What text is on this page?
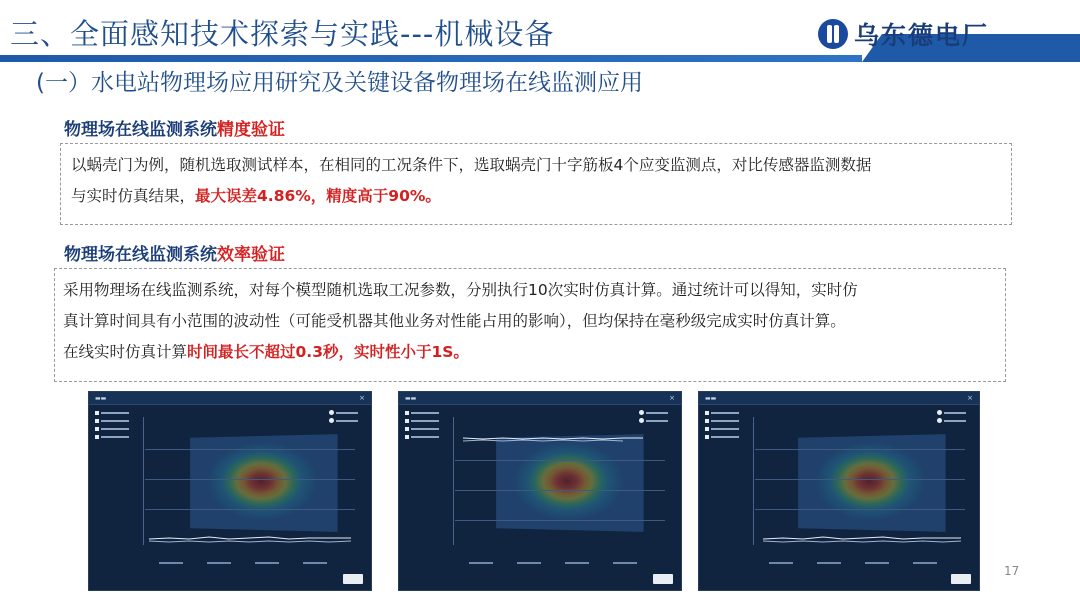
三、全面感知技术探索与实践---机械设备	乌东德电厂
(一）水电站物理场应用研究及关键设备物理场在线监测应用
物理场在线监测系统精度验证
以蜗壳门为例，随机选取测试样本，在相同的工况条件下，选取蜗壳门十字筋板4个应变监测点，对比传感器监测数据
与实时仿真结果，最大误差4.86%，精度高于90%。
物理场在线监测系统效率验证
采用物理场在线监测系统，对每个模型随机选取工况参数，分别执行10次实时仿真计算。通过统计可以得知，实时仿
真计算时间具有小范围的波动性（可能受机器其他业务对性能占用的影响），但均保持在毫秒级完成实时仿真计算。
在线实时仿真计算时间最长不超过0.3秒，实时性小于1S。
▬▬	×	▬▬	×	▬▬	×
17
